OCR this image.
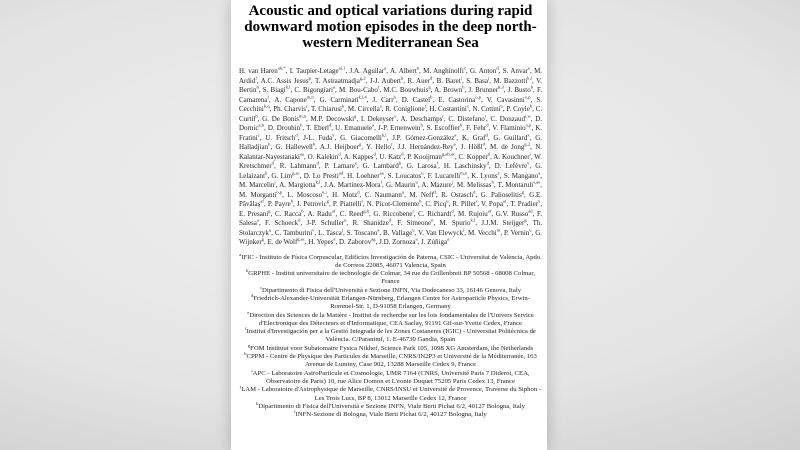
Acoustic and optical variations during rapid downward motion episodes in the deep north-western Mediterranean Sea

H. van Haren$^{ah,*}$, I. Taupier-Letage$^{ai,1}$, J.A. Aguilar$^a$, A. Albert$^b$, M. Anghinolfi$^c$, G. Anton$^d$, S. Anvar$^e$, M. Ardid$^f$, A.C. Assis Jesus$^g$, T. Astraatmadja$^{g,2}$, J-J. Aubert$^h$, R. Auer$^d$, B. Baret$^i$, S. Basa$^j$, M. Bazzotti$^{k,l}$, V. Bertin$^h$, S. Biagi$^{k,l}$, C. Bigongiari$^a$, M. Bou-Cabo$^f$, M.C. Bouwhuis$^g$, A. Brown$^h$, J. Brunner$^{h,3}$, J. Busto$^h$, F. Camarena$^f$, A. Capone$^{m,n}$, G. Carminati$^{k,l,4}$, J. Carr$^h$, D. Castel$^b$, E. Castorina$^{o,p}$, V. Cavasinni$^{o,p}$, S. Cecchini$^{k,q}$, Ph. Charvis$^r$, T. Chiarusi$^k$, M. Circella$^s$, R. Coniglione$^t$, H. Costantini$^c$, N. Cottini$^u$, P. Coyle$^h$, C. Curtil$^h$, G. De Bonis$^{m,n}$, M.P. Decowski$^g$, I. Dekeyser$^v$, A. Deschamps$^r$, C. Distefano$^t$, C. Donzaud$^{i,w}$, D. Dornic$^{a,h}$, D. Drouhin$^b$, T. Eberl$^d$, U. Emanuele$^a$, J-P. Ernenwein$^h$, S. Escoffier$^h$, F. Fehr$^d$, V. Flaminio$^{o,p}$, K. Fratini$^c$, U. Fritsch$^d$, J-L. Fuda$^v$, G. Giacomelli$^{k,l}$, J.P. Gómez-González$^a$, K. Graf$^d$, G. Guillard$^x$, G. Halladjian$^h$, G. Hallewell$^h$, A.J. Heijboer$^g$, Y. Hello$^r$, J.J. Hernández-Rey$^a$, J. Hößl$^d$, M. de Jong$^{g,2}$, N. Kalantar-Nayestanaki$^{aa}$, O. Kalekin$^d$, A. Kappes$^d$, U. Katz$^d$, P. Kooijman$^{g,ab,ac}$, C. Kopper$^d$, A. Kouchner$^i$, W. Kretschmer$^d$, R. Lahmann$^d$, P. Lamare$^e$, G. Lambard$^h$, G. Larosa$^f$, H. Laschinsky$^d$, D. Lefèvre$^v$, G. Lelaizant$^h$, G. Lim$^{g,ac}$, D. Lo Presti$^{ad}$, H. Loehner$^{aa}$, S. Loucatos$^u$, F. Lucarelli$^{m,n}$, K. Lyons$^x$, S. Mangano$^a$, M. Marcelin$^j$, A. Margiotta$^{k,l}$, J.A. Martinez-Mora$^f$, G. Maurin$^u$, A. Mazure$^j$, M. Melissas$^h$, T. Montaruli$^{s,ae}$, M. Morganti$^{o,p}$, L. Moscoso$^{u,i}$, H. Motz$^d$, C. Naumann$^u$, M. Neff$^d$, R. Ostasch$^d$, G. Palioselitis$^g$, G.E. Păvălaş$^{af}$, P. Payre$^h$, J. Petrovic$^g$, P. Piattelli$^t$, N. Picot-Clemente$^h$, C. Picq$^u$, R. Pillet$^r$, V. Popa$^{af}$, T. Pradier$^x$, E. Presani$^g$, C. Racca$^b$, A. Radu$^{af}$, C. Reed$^{g,h}$, G. Riccobene$^t$, C. Richardt$^d$, M. Rujoiu$^{af}$, G.V. Russo$^{ad}$, F. Salesa$^a$, F. Schoeck$^d$, J-P. Schuller$^u$, R. Shanidze$^d$, F. Simeone$^n$, M. Spurio$^{k,l}$, J.J.M. Steijger$^g$, Th. Stolarczyk$^u$, C. Tamburini$^v$, L. Tasca$^j$, S. Toscano$^a$, B. Vallage$^u$, V. Van Elewyck$^i$, M. Vecchi$^m$, P. Vernin$^u$, G. Wijnker$^g$, E. de Wolf$^{g,ac}$, H. Yepes$^a$, D. Zaborov$^{ag}$, J.D. Zornoza$^a$, J. Zúñiga$^a$

$^a$IFIC - Instituto de Física Corpuscular, Edificios Investigación de Paterna, CSIC - Universitat de València, Apdo. de Correos 22085, 46071 Valencia, Spain
$^b$GRPHE - Institut universitaire de technologie de Colmar, 34 rue du Grillenbreit BP 50568 - 68008 Colmar, France
$^c$Dipartimento di Fisica dell'Università e Sezione INFN, Via Dodecaneso 33, 16146 Genova, Italy
$^d$Friedrich-Alexander-Universität Erlangen-Nürnberg, Erlangen Centre for Astroparticle Physics, Erwin-Rommel-Str. 1, D-91058 Erlangen, Germany
$^e$Direction des Sciences de la Matière - Institut de recherche sur les lois fondamentales de l'Univers Service d'Electronique des Détecteurs et d'Informatique, CEA Saclay, 91191 Gif-sur-Yvette Cedex, France
$^f$Institut d'Investigación per a la Gestió Integrada de les Zones Costaneres (IGIC) - Universitat Politècnica de València. C/Paranimf, 1. E-46730 Gandia, Spain
$^g$FOM Instituut voor Subatomaire Fysica Nikhef, Science Park 105, 1098 XG Amsterdam, the Netherlands
$^h$CPPM - Centre de Physique des Particules de Marseille, CNRS/IN2P3 et Université de la Méditerranée, 163 Avenue de Luminy, Case 902, 13288 Marseille Cedex 9, France
$^i$APC - Laboratoire AstroParticule et Cosmologie, UMR 7164 (CNRS, Université Paris 7 Diderot, CEA, Observatoire de Paris) 10, rue Alice Domon et L'eonie Duquet 75205 Paris Cedex 13, France
$^j$LAM - Laboratoire d'Astrophysique de Marseille, CNRS/INSU et Université de Provence, Traverse du Siphon - Les Trois Lucs, BP 8, 13012 Marseille Cedex 12, France
$^k$Dipartimento di Fisica dell'Università e Sezione INFN, Viale Berti Pichat 6/2, 40127 Bologna, Italy
$^l$INFN-Sezione di Bologna, Viale Berti Pichat 6/2, 40127 Bologna, Italy
